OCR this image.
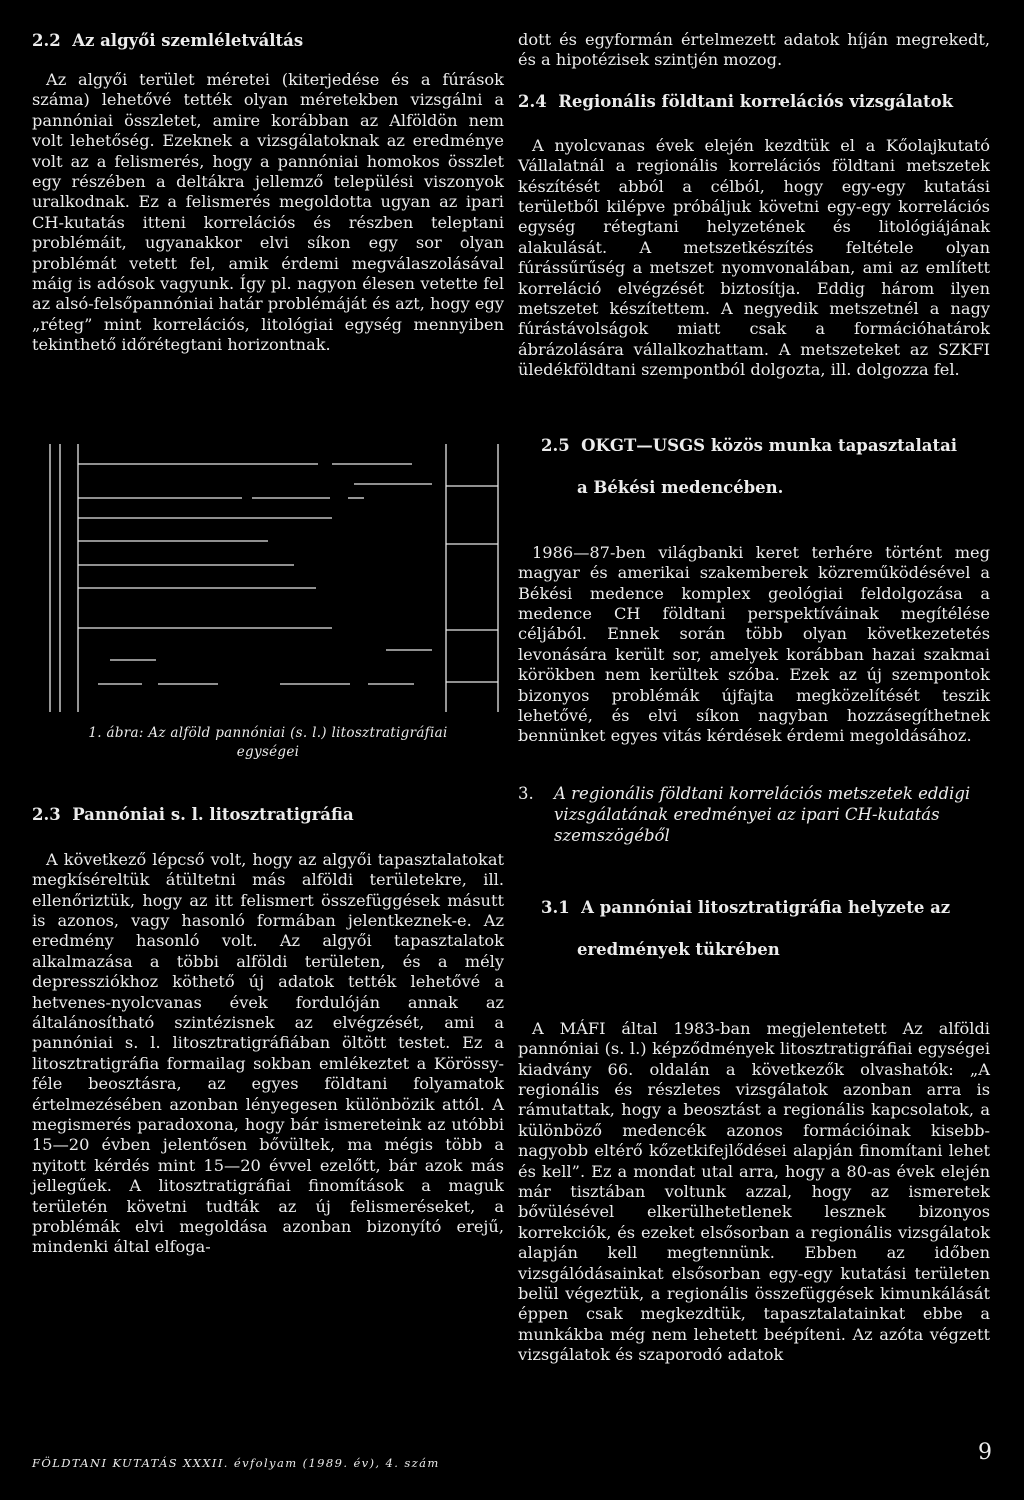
2.2  Az algyői szemléletváltás

Az algyői terület méretei (kiterjedése és a fúrások száma) lehetővé tették olyan méretekben vizsgálni a pannóniai összletet, amire korábban az Alföldön nem volt lehetőség. Ezeknek a vizsgálatoknak az eredménye volt az a felismerés, hogy a pannóniai homokos összlet egy részében a deltákra jellemző települési viszonyok uralkodnak. Ez a felismerés megoldotta ugyan az ipari CH-kutatás itteni korrelációs és részben teleptani problémáit, ugyanakkor elvi síkon egy sor olyan problémát vetett fel, amik érdemi megválaszolásával máig is adósok vagyunk. Így pl. nagyon élesen vetette fel az alsó-felsőpannóniai határ problémáját és azt, hogy egy „réteg” mint korrelációs, litológiai egység mennyiben tekinthető időrétegtani horizontnak.

1. ábra: Az alföld pannóniai (s. l.) litosztratigráfiai
egységei

2.3  Pannóniai s. l. litosztratigráfia

A következő lépcső volt, hogy az algyői tapasztalatokat megkíséreltük átültetni más alföldi területekre, ill. ellenőriztük, hogy az itt felismert összefüggések másutt is azonos, vagy hasonló formában jelentkeznek-e. Az eredmény hasonló volt. Az algyői tapasztalatok alkalmazása a többi alföldi területen, és a mély depressziókhoz köthető új adatok tették lehetővé a hetvenes-nyolcvanas évek fordulóján annak az általánosítható szintézisnek az elvégzését, ami a pannóniai s. l. litosztratigráfiában öltött testet. Ez a litosztratigráfia formailag sokban emlékeztet a Körössy-féle beosztásra, az egyes földtani folyamatok értelmezésében azonban lényegesen különbözik attól. A megismerés paradoxona, hogy bár ismereteink az utóbbi 15—20 évben jelentősen bővültek, ma mégis több a nyitott kérdés mint 15—20 évvel ezelőtt, bár azok más jellegűek. A litosztratigráfiai finomítások a maguk területén követni tudták az új felismeréseket, a problémák elvi megoldása azonban bizonyító erejű, mindenki által elfoga-

dott és egyformán értelmezett adatok híján megrekedt, és a hipotézisek szintjén mozog.

2.4  Regionális földtani korrelációs vizsgálatok

A nyolcvanas évek elején kezdtük el a Kőolajkutató Vállalatnál a regionális korrelációs földtani metszetek készítését abból a célból, hogy egy-egy kutatási területből kilépve próbáljuk követni egy-egy korrelációs egység rétegtani helyzetének és litológiájának alakulását. A metszetkészítés feltétele olyan fúrássűrűség a metszet nyomvonalában, ami az említett korreláció elvégzését biztosítja. Eddig három ilyen metszetet készítettem. A negyedik metszetnél a nagy fúrástávolságok miatt csak a formációhatárok ábrázolására vállalkozhattam. A metszeteket az SZKFI üledékföldtani szempontból dolgozta, ill. dolgozza fel.

2.5  OKGT—USGS közös munka tapasztalatai

a Békési medencében.

1986—87-ben világbanki keret terhére történt meg magyar és amerikai szakemberek közreműködésével a Békési medence komplex geológiai feldolgozása a medence CH földtani perspektíváinak megítélése céljából. Ennek során több olyan következetetés levonására került sor, amelyek korábban hazai szakmai körökben nem kerültek szóba. Ezek az új szempontok bizonyos problémák újfajta megközelítését teszik lehetővé, és elvi síkon nagyban hozzásegíthetnek bennünket egyes vitás kérdések érdemi megoldásához.

3.	A regionális földtani korrelációs metszetek eddigi vizsgálatának eredményei az ipari CH-kutatás szemszögéből

3.1  A pannóniai litosztratigráfia helyzete az

eredmények tükrében

A MÁFI által 1983-ban megjelentetett Az alföldi pannóniai (s. l.) képződmények litosztratigráfiai egységei kiadvány 66. oldalán a következők olvashatók: „A regionális és részletes vizsgálatok azonban arra is rámutattak, hogy a beosztást a regionális kapcsolatok, a különböző medencék azonos formációinak kisebb-nagyobb eltérő kőzetkifejlődései alapján finomítani lehet és kell”. Ez a mondat utal arra, hogy a 80-as évek elején már tisztában voltunk azzal, hogy az ismeretek bővülésével elkerülhetetlenek lesznek bizonyos korrekciók, és ezeket elsősorban a regionális vizsgálatok alapján kell megtennünk. Ebben az időben vizsgálódásainkat elsősorban egy-egy kutatási területen belül végeztük, a regionális összefüggések kimunkálását éppen csak megkezdtük, tapasztalatainkat ebbe a munkákba még nem lehetett beépíteni. Az azóta végzett vizsgálatok és szaporodó adatok

FÖLDTANI KUTATÁS XXXII. évfolyam (1989. év), 4. szám	9
